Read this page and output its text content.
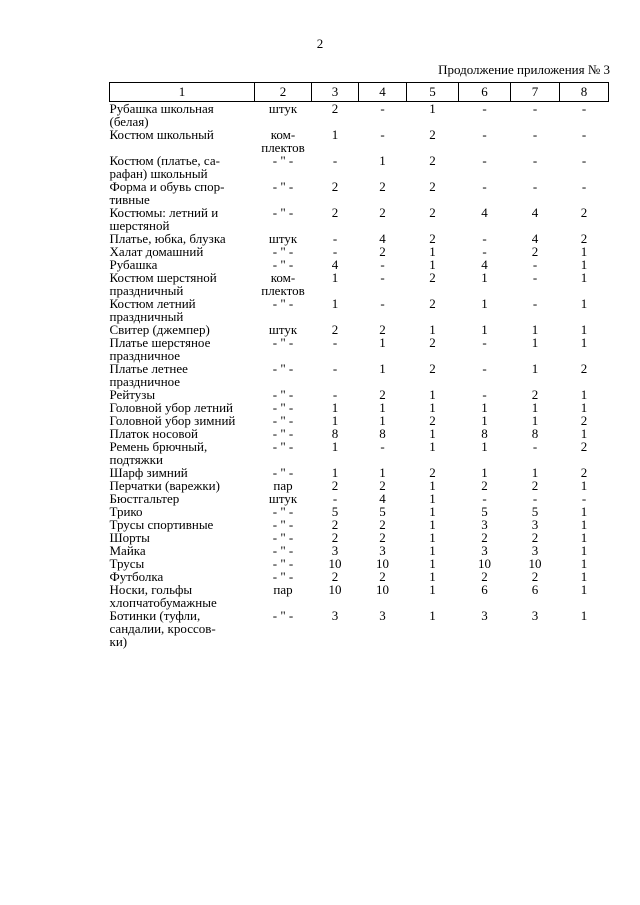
2
Продолжение приложения № 3
1	2	3	4	5	6	7	8

Рубашка школьная
(белая)	штук	2	-	1	-	-	-

Костюм школьный	ком-
плектов	1	-	2	-	-	-

Костюм (платье, са-
рафан) школьный	- " -	-	1	2	-	-	-

Форма и обувь спор-
тивные	- " -	2	2	2	-	-	-

Костюмы: летний и
шерстяной	- " -	2	2	2	4	4	2

Платье, юбка, блузка	штук	-	4	2	-	4	2

Халат домашний	- " -	-	2	1	-	2	1

Рубашка	- " -	4	-	1	4	-	1

Костюм шерстяной
праздничный	ком-
плектов	1	-	2	1	-	1

Костюм летний
праздничный	- " -	1	-	2	1	-	1

Свитер (джемпер)	штук	2	2	1	1	1	1

Платье шерстяное
праздничное	- " -	-	1	2	-	1	1

Платье летнее
праздничное	- " -	-	1	2	-	1	2

Рейтузы	- " -	-	2	1	-	2	1

Головной убор летний	- " -	1	1	1	1	1	1

Головной убор зимний	- " -	1	1	2	1	1	2

Платок носовой	- " -	8	8	1	8	8	1

Ремень брючный,
подтяжки	- " -	1	-	1	1	-	2

Шарф зимний	- " -	1	1	2	1	1	2

Перчатки (варежки)	пар	2	2	1	2	2	1

Бюстгальтер	штук	-	4	1	-	-	-

Трико	- " -	5	5	1	5	5	1

Трусы спортивные	- " -	2	2	1	3	3	1

Шорты	- " -	2	2	1	2	2	1

Майка	- " -	3	3	1	3	3	1

Трусы	- " -	10	10	1	10	10	1

Футболка	- " -	2	2	1	2	2	1

Носки, гольфы
хлопчатобумажные	пар	10	10	1	6	6	1

Ботинки (туфли,
сандалии, кроссов-
ки)	- " -	3	3	1	3	3	1
